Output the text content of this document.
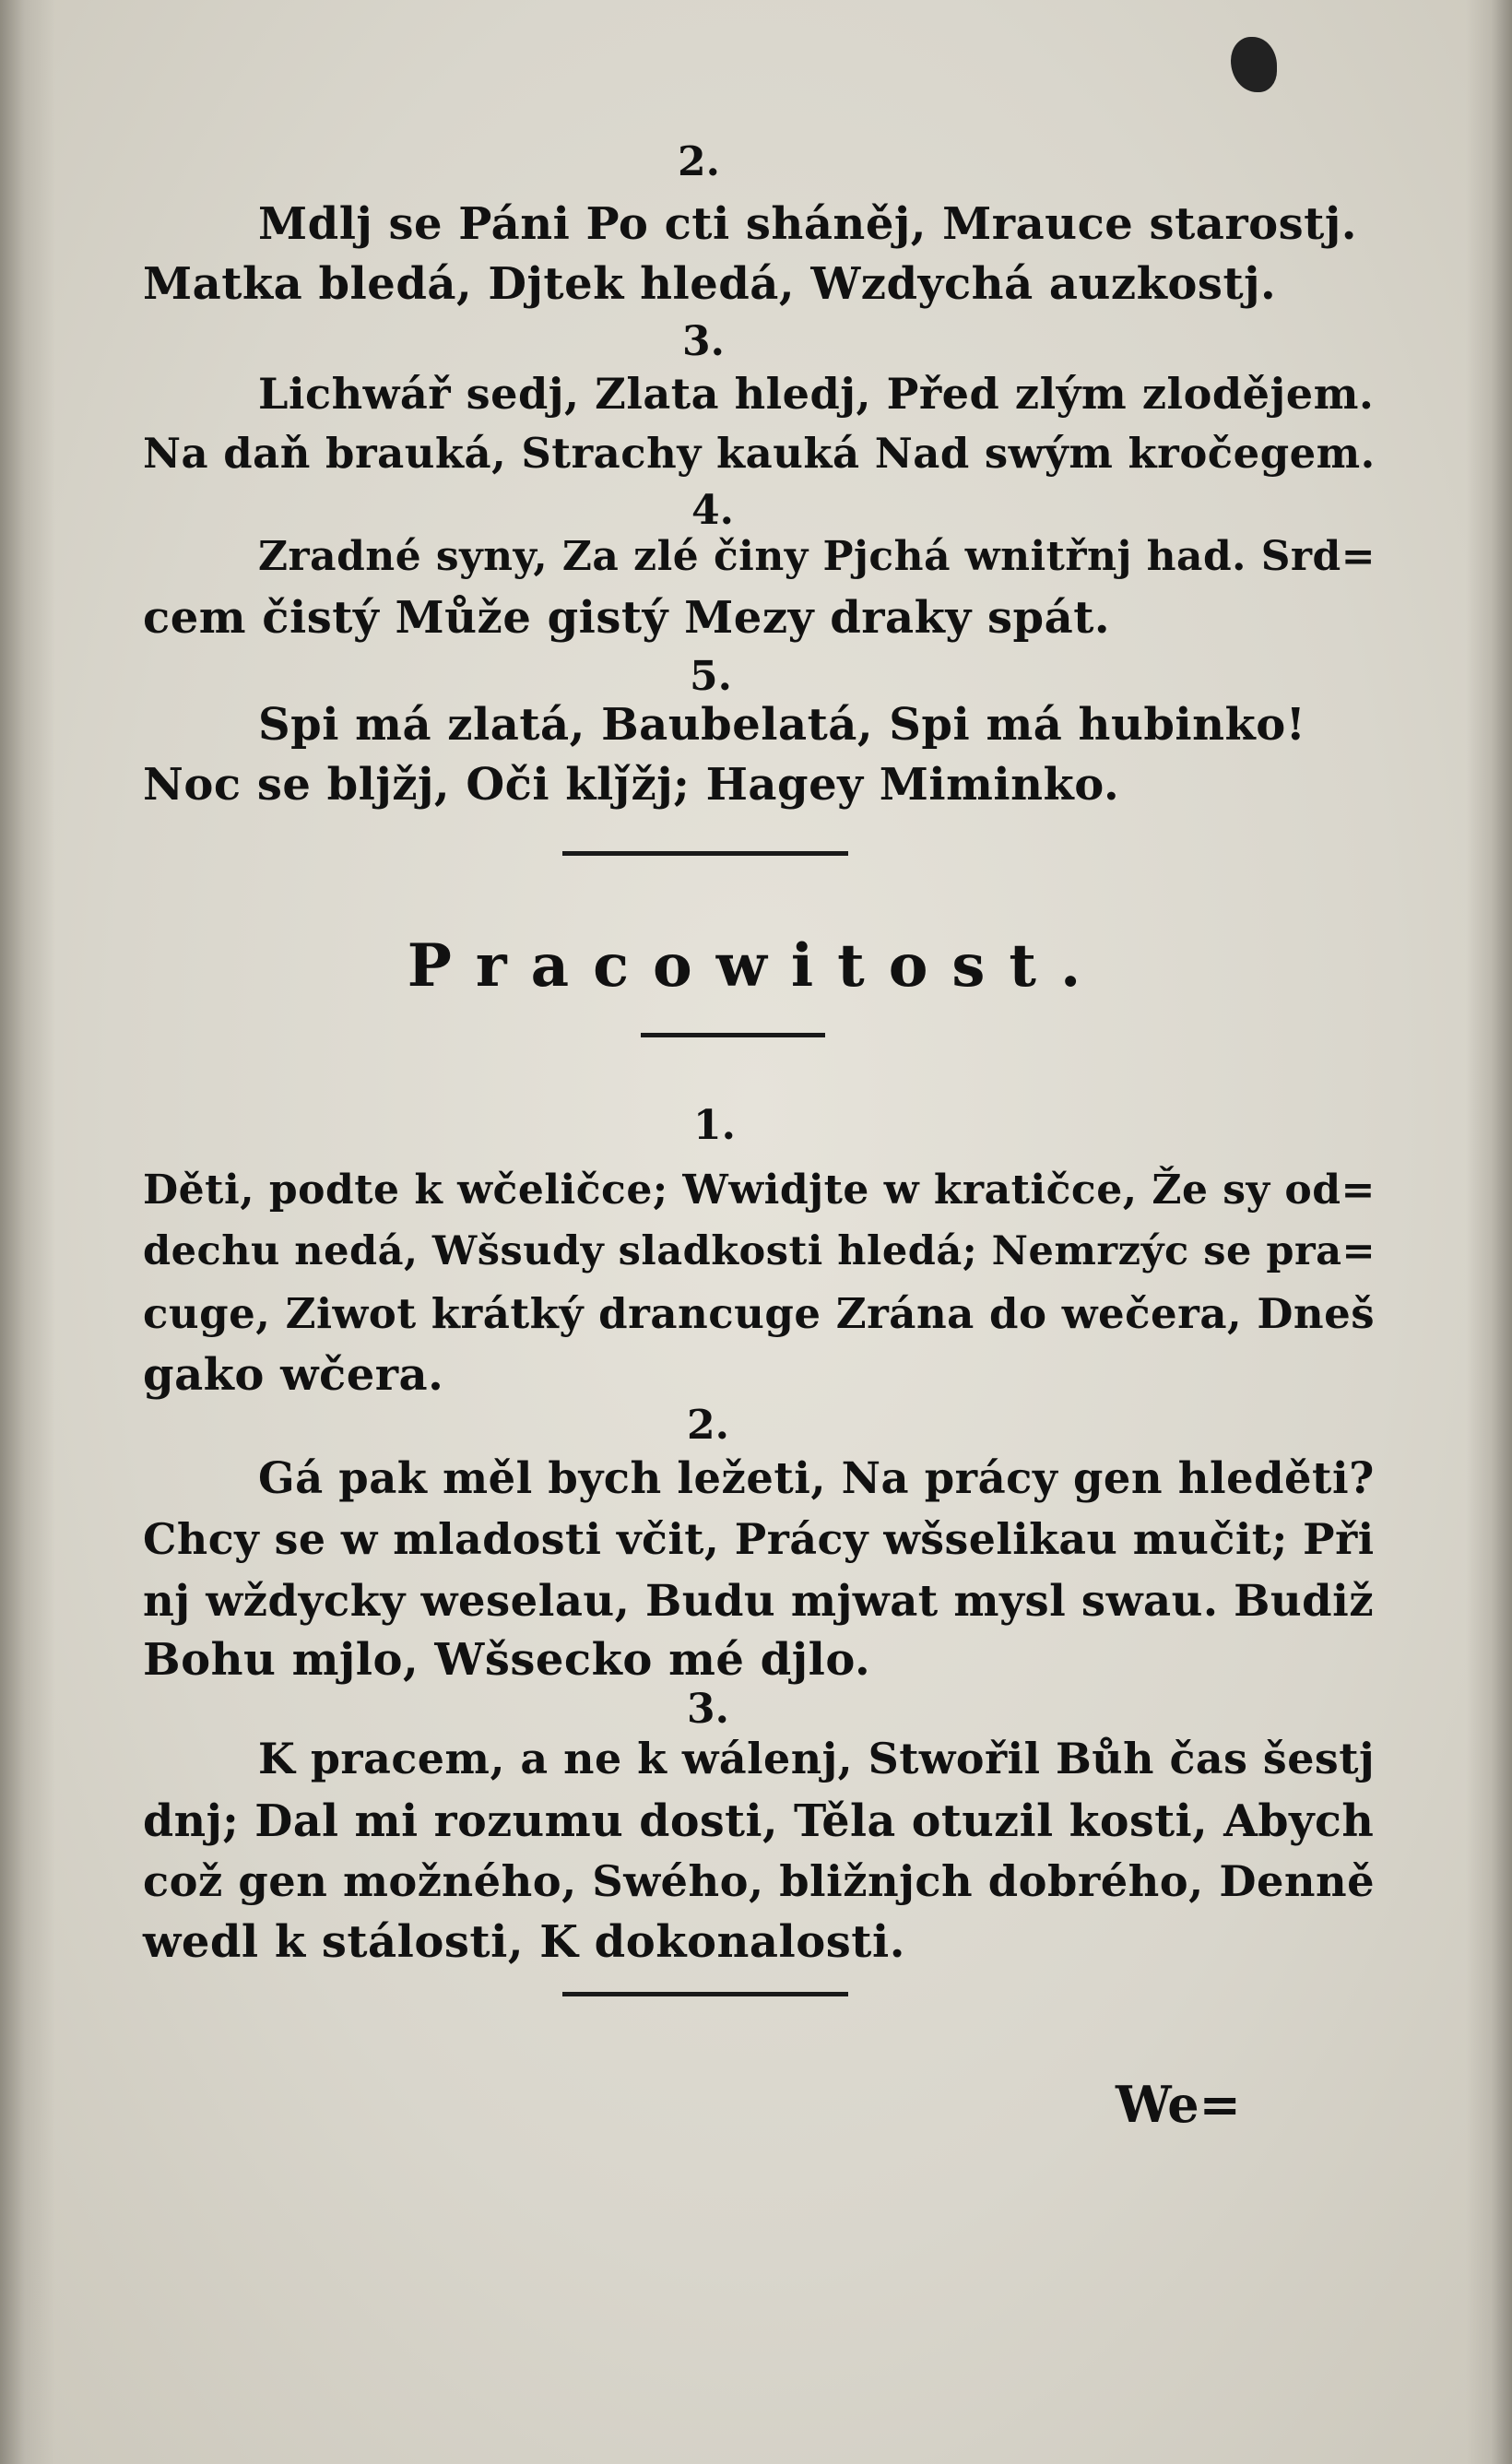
2.
Mdlj se Páni Po cti sháněj, Mrauce starostj.
Matka bledá, Djtek hledá, Wzdychá auzkostj.
3.
Lichwář sedj, Zlata hledj, Před zlým zlodějem.
Na daň brauká, Strachy kauká Nad swým kročegem.
4.
Zradné syny, Za zlé činy Pjchá wnitřnj had. Srd=
cem čistý Může gistý Mezy draky spát.
5.
Spi má zlatá, Baubelatá, Spi má hubinko!
Noc se bljžj, Oči klǰžj; Hagey Miminko.
Pracowitost.
1.
Děti, podte k wčeličce; Wwidjte w kratičce, Že sy od=
dechu nedá, Wšsudy sladkosti hledá; Nemrzýc se pra=
cuge, Ziwot krátký drancuge Zrána do wečera, Dneš
gako wčera.
2.
Gá pak měl bych ležeti, Na prácy gen hleděti?
Chcy se w mladosti včit, Prácy wšselikau mučit; Při
nj wždycky weselau, Budu mjwat mysl swau. Budiž
Bohu mjlo, Wšsecko mé djlo.
3.
K pracem, a ne k wálenj, Stwořil Bůh čas šestj
dnj; Dal mi rozumu dosti, Těla otuzil kosti, Abych
což gen možného, Swého, bližnjch dobrého, Denně
wedl k stálosti, K dokonalosti.
We=
